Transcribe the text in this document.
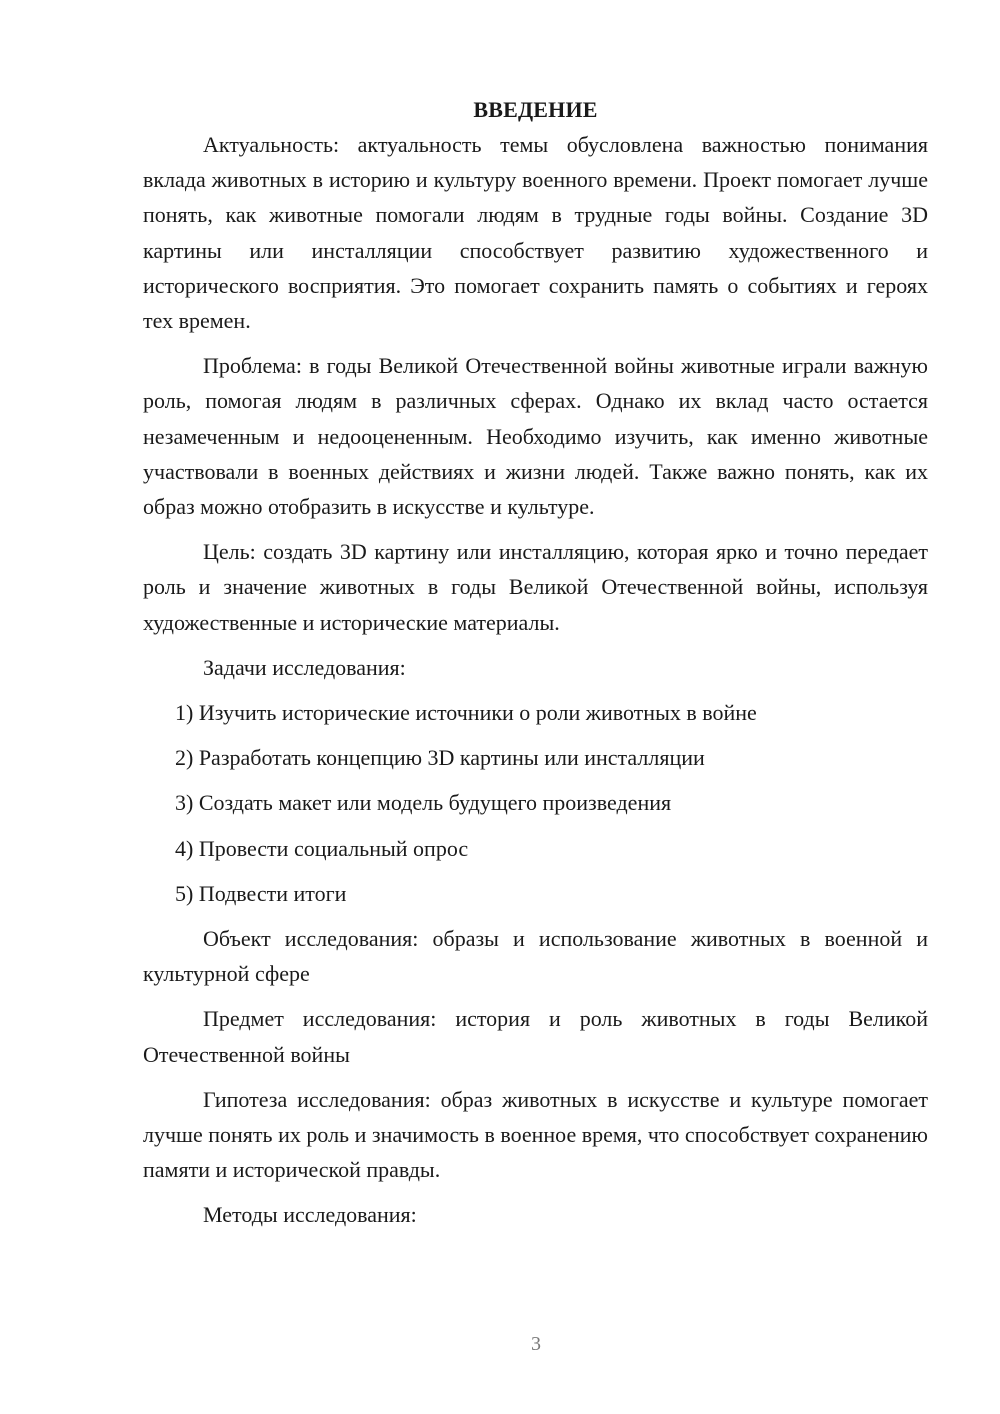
ВВЕДЕНИЕ

Актуальность: актуальность темы обусловлена важностью понимания вклада животных в историю и культуру военного времени. Проект помогает лучше понять, как животные помогали людям в трудные годы войны. Создание 3D картины или инсталляции способствует развитию художественного и исторического восприятия. Это помогает сохранить память о событиях и героях тех времен.

Проблема: в годы Великой Отечественной войны животные играли важную роль, помогая людям в различных сферах. Однако их вклад часто остается незамеченным и недооцененным. Необходимо изучить, как именно животные участвовали в военных действиях и жизни людей. Также важно понять, как их образ можно отобразить в искусстве и культуре.

Цель: создать 3D картину или инсталляцию, которая ярко и точно передает роль и значение животных в годы Великой Отечественной войны, используя художественные и исторические материалы.

Задачи исследования:

1) Изучить исторические источники о роли животных в войне
2) Разработать концепцию 3D картины или инсталляции
3) Создать макет или модель будущего произведения
4) Провести социальный опрос
5) Подвести итоги

Объект исследования: образы и использование животных в военной и культурной сфере

Предмет исследования: история и роль животных в годы Великой Отечественной войны

Гипотеза исследования: образ животных в искусстве и культуре помогает лучше понять их роль и значимость в военное время, что способствует сохранению памяти и исторической правды.

Методы исследования:

3
